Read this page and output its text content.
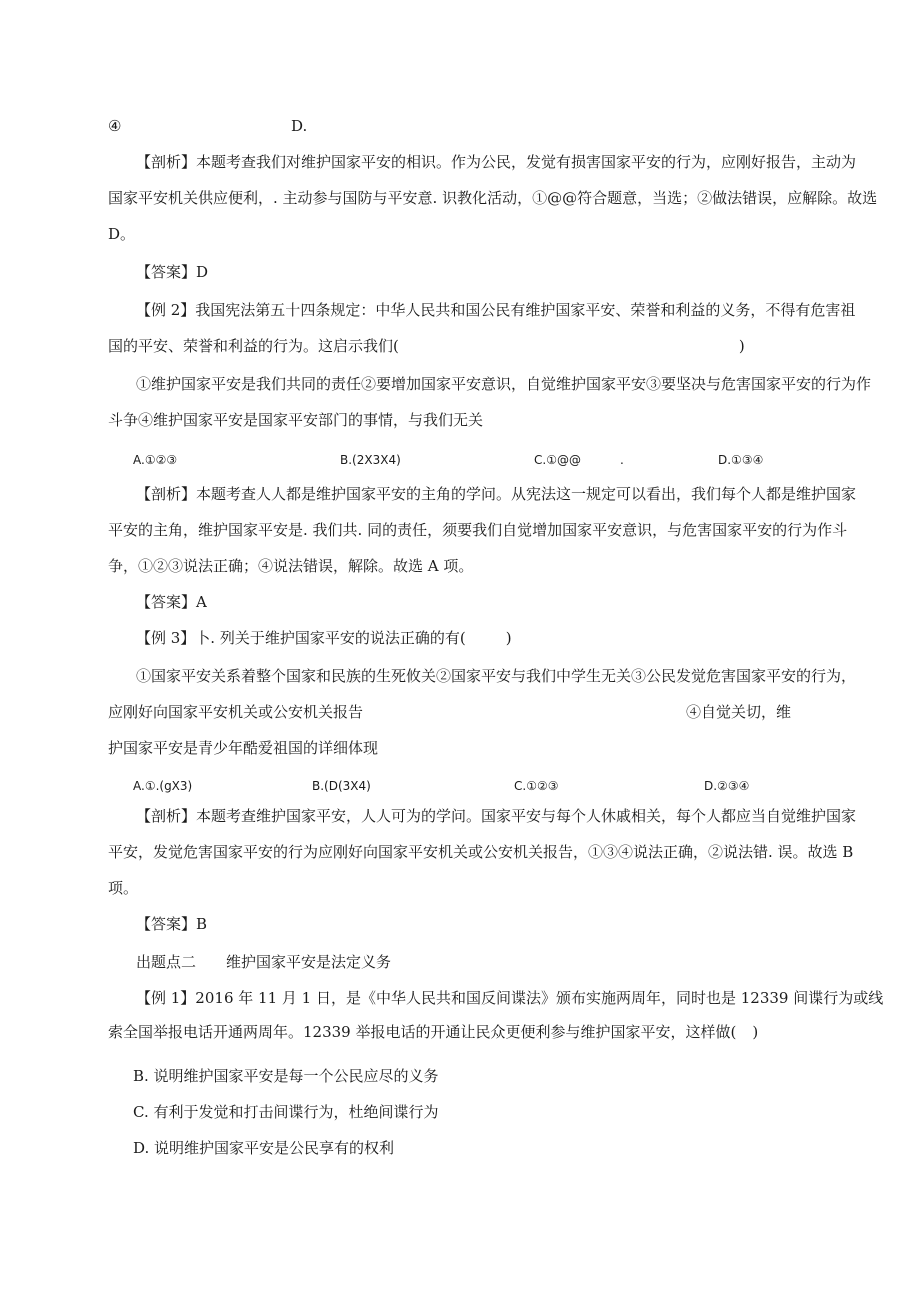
④	D.
【剖析】本题考查我们对维护国家平安的相识。作为公民，发觉有损害国家平安的行为，应刚好报告，主动为
国家平安机关供应便利，. 主动参与国防与平安意. 识教化活动，①@@符合题意，当选；②做法错误，应解除。故选
D。
【答案】D
【例 2】我国宪法第五十四条规定：中华人民共和国公民有维护国家平安、荣誉和利益的义务，不得有危害祖
国的平安、荣誉和利益的行为。这启示我们(	)
①维护国家平安是我们共同的责任②要增加国家平安意识，自觉维护国家平安③要坚决与危害国家平安的行为作
斗争④维护国家平安是国家平安部门的事情，与我们无关
A.①②③	B.(2X3X4)	C.①@@	.	D.①③④
【剖析】本题考查人人都是维护国家平安的主角的学问。从宪法这一规定可以看出，我们每个人都是维护国家
平安的主角，维护国家平安是. 我们共. 同的责任，须要我们自觉增加国家平安意识，与危害国家平安的行为作斗
争，①②③说法正确；④说法错误，解除。故选 A 项。
【答案】A
【例 3】卜. 列关于维护国家平安的说法正确的有(	)
①国家平安关系着整个国家和民族的生死攸关②国家平安与我们中学生无关③公民发觉危害国家平安的行为，
应刚好向国家平安机关或公安机关报告	④自觉关切，维
护国家平安是青少年酷爱祖国的详细体现
A.①.(gX3)	B.(D(3X4)	C.①②③	D.②③④
【剖析】本题考查维护国家平安，人人可为的学问。国家平安与每个人休戚相关，每个人都应当自觉维护国家
平安，发觉危害国家平安的行为应刚好向国家平安机关或公安机关报告，①③④说法正确，②说法错. 误。故选 B
项。
【答案】B
出题点二 维护国家平安是法定义务
【例 1】2016 年 11 月 1 日，是《中华人民共和国反间谍法》颁布实施两周年，同时也是 12339 间谍行为或线
索全国举报电话开通两周年。12339 举报电话的开通让民众更便利参与维护国家平安，这样做( )
B. 说明维护国家平安是每一个公民应尽的义务
C. 有利于发觉和打击间谍行为，杜绝间谍行为
D. 说明维护国家平安是公民享有的权利
